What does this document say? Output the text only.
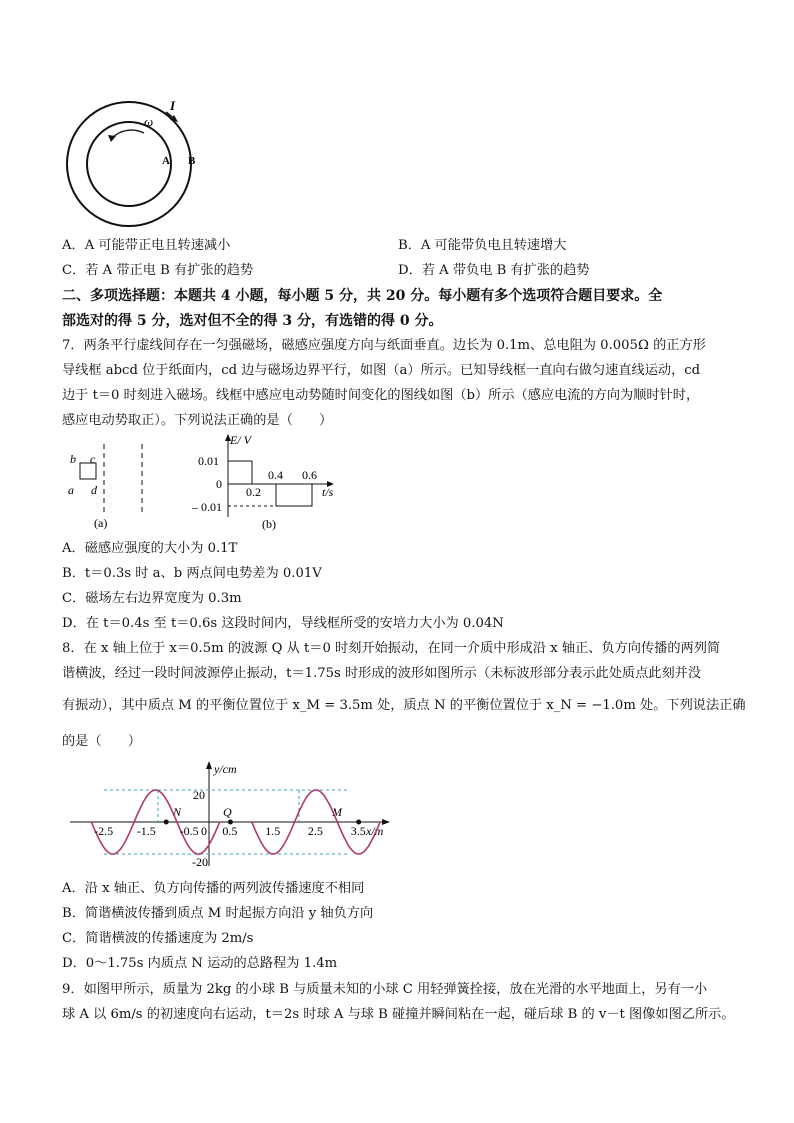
I
ω
A B
A．A 可能带正电且转速减小	B．A 可能带负电且转速增大
C．若 A 带正电 B 有扩张的趋势	D．若 A 带负电 B 有扩张的趋势
二、多项选择题：本题共 4 小题，每小题 5 分，共 20 分。每小题有多个选项符合题目要求。全
部选对的得 5 分，选对但不全的得 3 分，有选错的得 0 分。
7．两条平行虚线间存在一匀强磁场，磁感应强度方向与纸面垂直。边长为 0.1m、总电阻为 0.005Ω 的正方形
导线框 abcd 位于纸面内，cd 边与磁场边界平行，如图（a）所示。已知导线框一直向右做匀速直线运动，cd
边于 t＝0 时刻进入磁场。线框中感应电动势随时间变化的图线如图（b）所示（感应电流的方向为顺时针时，
感应电动势取正）。下列说法正确的是（　　）
b c
a d
(a)
E/ V
0.01
0
– 0.01
0.2
0.4 0.6
t/s
(b)
A．磁感应强度的大小为 0.1T
B．t＝0.3s 时 a、b 两点间电势差为 0.01V
C．磁场左右边界宽度为 0.3m
D．在 t＝0.4s 至 t＝0.6s 这段时间内，导线框所受的安培力大小为 0.04N
8．在 x 轴上位于 x＝0.5m 的波源 Q 从 t＝0 时刻开始振动，在同一介质中形成沿 x 轴正、负方向传播的两列简
谐横波，经过一段时间波源停止振动，t＝1.75s 时形成的波形如图所示（未标波形部分表示此处质点此刻并没
有振动），其中质点 M 的平衡位置位于 x_M = 3.5m 处，质点 N 的平衡位置位于 x_N = −1.0m 处。下列说法正确
的是（　　）
y/cm
x/m
20
-20
0
N	Q	M
-2.5 -1.5 -0.5 0.5 1.5 2.5 3.5
A．沿 x 轴正、负方向传播的两列波传播速度不相同
B．简谐横波传播到质点 M 时起振方向沿 y 轴负方向
C．简谐横波的传播速度为 2m/s
D．0～1.75s 内质点 N 运动的总路程为 1.4m
9．如图甲所示，质量为 2kg 的小球 B 与质量未知的小球 C 用轻弹簧拴接，放在光滑的水平地面上，另有一小
球 A 以 6m/s 的初速度向右运动，t＝2s 时球 A 与球 B 碰撞并瞬间粘在一起，碰后球 B 的 v－t 图像如图乙所示。
